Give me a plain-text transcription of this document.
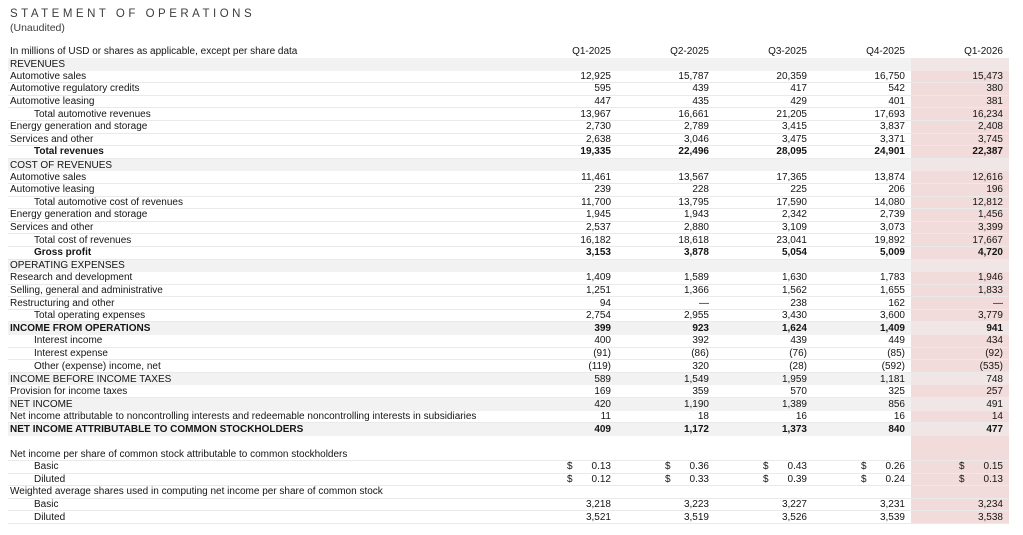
STATEMENT OF OPERATIONS
(Unaudited)
In millions of USD or shares as applicable, except per share data	Q1-2025	Q2-2025	Q3-2025	Q4-2025	Q1-2026
REVENUES
Automotive sales	12,925	15,787	20,359	16,750	15,473
Automotive regulatory credits	595	439	417	542	380
Automotive leasing	447	435	429	401	381
Total automotive revenues	13,967	16,661	21,205	17,693	16,234
Energy generation and storage	2,730	2,789	3,415	3,837	2,408
Services and other	2,638	3,046	3,475	3,371	3,745
Total revenues	19,335	22,496	28,095	24,901	22,387
COST OF REVENUES
Automotive sales	11,461	13,567	17,365	13,874	12,616
Automotive leasing	239	228	225	206	196
Total automotive cost of revenues	11,700	13,795	17,590	14,080	12,812
Energy generation and storage	1,945	1,943	2,342	2,739	1,456
Services and other	2,537	2,880	3,109	3,073	3,399
Total cost of revenues	16,182	18,618	23,041	19,892	17,667
Gross profit	3,153	3,878	5,054	5,009	4,720
OPERATING EXPENSES
Research and development	1,409	1,589	1,630	1,783	1,946
Selling, general and administrative	1,251	1,366	1,562	1,655	1,833
Restructuring and other	94	—	238	162	—
Total operating expenses	2,754	2,955	3,430	3,600	3,779
INCOME FROM OPERATIONS	399	923	1,624	1,409	941
Interest income	400	392	439	449	434
Interest expense	(91)	(86)	(76)	(85)	(92)
Other (expense) income, net	(119)	320	(28)	(592)	(535)
INCOME BEFORE INCOME TAXES	589	1,549	1,959	1,181	748
Provision for income taxes	169	359	570	325	257
NET INCOME	420	1,190	1,389	856	491
Net income attributable to noncontrolling interests and redeemable noncontrolling interests in subsidiaries	11	18	16	16	14
NET INCOME ATTRIBUTABLE TO COMMON STOCKHOLDERS	409	1,172	1,373	840	477
Net income per share of common stock attributable to common stockholders
Basic	$ 0.13	$ 0.36	$ 0.43	$ 0.26	$ 0.15
Diluted	$ 0.12	$ 0.33	$ 0.39	$ 0.24	$ 0.13
Weighted average shares used in computing net income per share of common stock
Basic	3,218	3,223	3,227	3,231	3,234
Diluted	3,521	3,519	3,526	3,539	3,538
